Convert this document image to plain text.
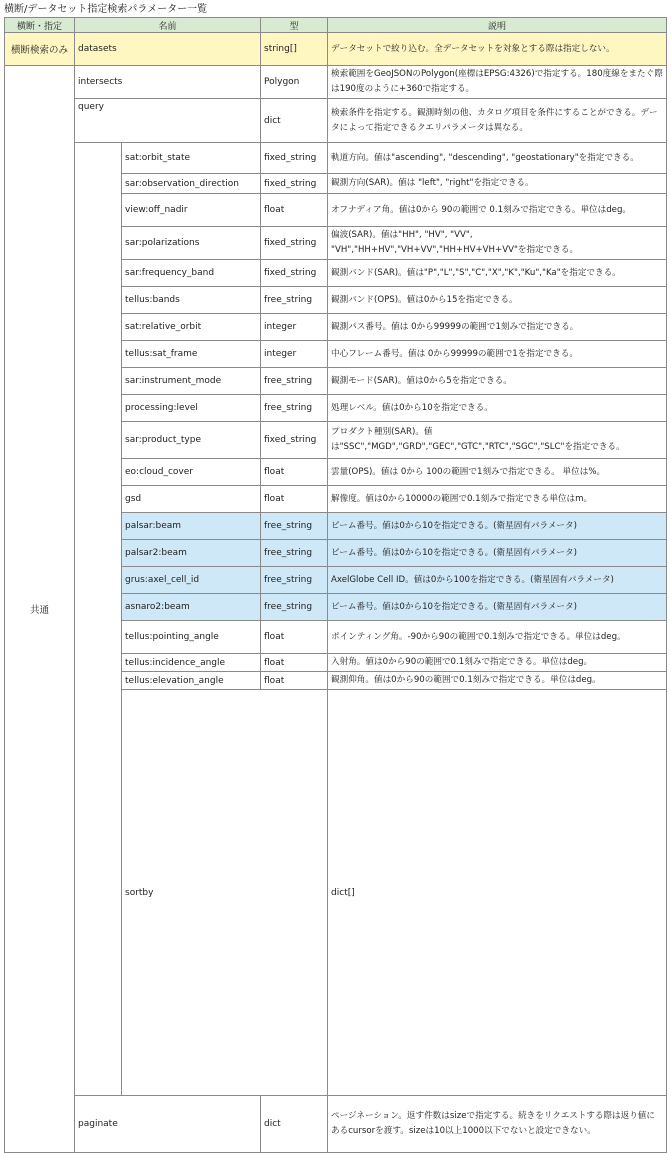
横断/データセット指定検索パラメーター一覧
横断・指定	名前		型	説明	
横断検索のみ	datasets		string[]	データセットで絞り込む。全データセットを対象とする際は指定しない。	
共通	intersects		Polygon	検索範囲をGeoJSONのPolygon(座標はEPSG:4326)で指定する。180度線をまたぐ際は190度のように+360で指定する。	
	query		dict	検索条件を指定する。観測時刻の他、カタログ項目を条件にすることができる。データによって指定できるクエリパラメータは異なる。	
		sat:orbit_state	fixed_string	軌道方向。値は"ascending", "descending", "geostationary"を指定できる。	
		sar:observation_direction	fixed_string	観測方向(SAR)。値は "left", "right"を指定できる。	
		view:off_nadir	float	オフナディア角。値は0から 90の範囲で 0.1刻みで指定できる。単位はdeg。	
		sar:polarizations	fixed_string	偏波(SAR)。値は"HH", "HV", "VV", "VH","HH+HV","VH+VV","HH+HV+VH+VV"を指定できる。	
		sar:frequency_band	fixed_string	観測バンド(SAR)。値は"P","L","S","C","X","K","Ku","Ka"を指定できる。	
		tellus:bands	free_string	観測バンド(OPS)。値は0から15を指定できる。	
		sat:relative_orbit	integer	観測パス番号。値は 0から99999の範囲で1刻みで指定できる。	
		tellus:sat_frame	integer	中心フレーム番号。値は 0から99999の範囲で1を指定できる。	
		sar:instrument_mode	free_string	観測モード(SAR)。値は0から5を指定できる。	
		processing:level	free_string	処理レベル。値は0から10を指定できる。	
		sar:product_type	fixed_string	プロダクト種別(SAR)。値は"SSC","MGD","GRD","GEC","GTC","RTC","SGC","SLC"を指定できる。	
		eo:cloud_cover	float	雲量(OPS)。値は 0から 100の範囲で1刻みで指定できる。 単位は%。	
		gsd	float	解像度。値は0から10000の範囲で0.1刻みで指定できる単位はm。	
		palsar:beam	free_string	ビーム番号。値は0から10を指定できる。(衛星固有パラメータ)	
		palsar2:beam	free_string	ビーム番号。値は0から10を指定できる。(衛星固有パラメータ)	
		grus:axel_cell_id	free_string	AxelGlobe Cell ID。値は0から100を指定できる。(衛星固有パラメータ)	
		asnaro2:beam	free_string	ビーム番号。値は0から10を指定できる。(衛星固有パラメータ)	
		tellus:pointing_angle	float	ポインティング角。-90から90の範囲で0.1刻みで指定できる。単位はdeg。	
		tellus:incidence_angle	float	入射角。値は0から90の範囲で0.1刻みで指定できる。単位はdeg。	
		tellus:elevation_angle	float	観測仰角。値は0から90の範囲で0.1刻みで指定できる。単位はdeg。	
		sortby		dict[]	
	paginate		dict	ページネーション。返す件数はsizeで指定する。続きをリクエストする際は返り値にあるcursorを渡す。sizeは10以上1000以下でないと設定できない。	
